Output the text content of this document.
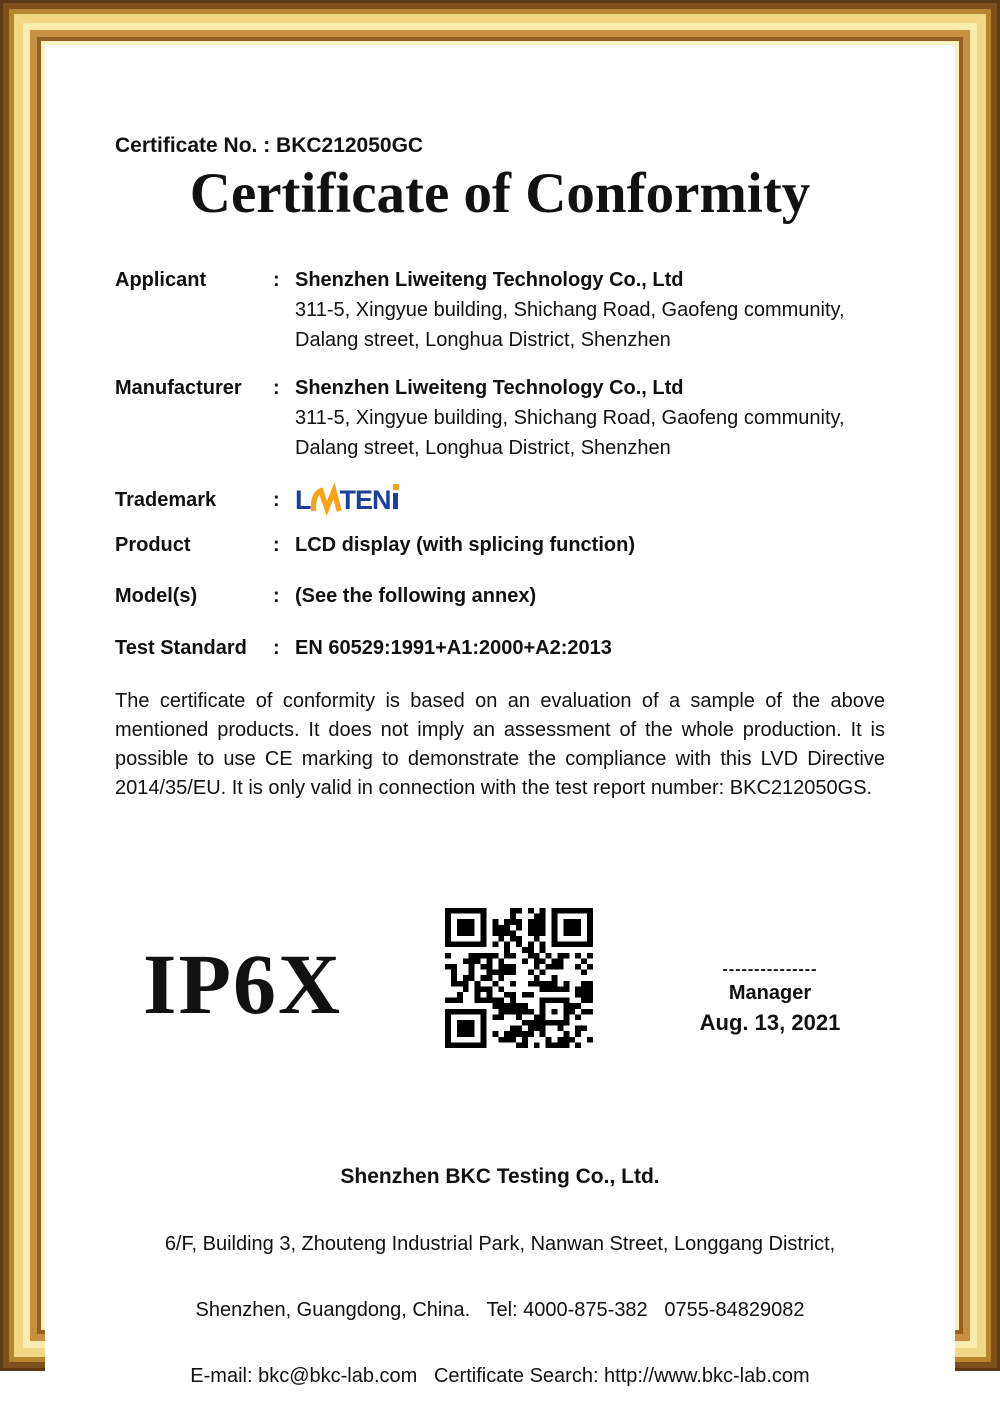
Certificate No. : BKC212050GC
Certificate of Conformity
Applicant	: Shenzhen Liweiteng Technology Co., Ltd
311-5, Xingyue building, Shichang Road, Gaofeng community,
Dalang street, Longhua District, Shenzhen
Manufacturer	: Shenzhen Liweiteng Technology Co., Ltd
311-5, Xingyue building, Shichang Road, Gaofeng community,
Dalang street, Longhua District, Shenzhen
Trademark	: L TEN
Product	: LCD display (with splicing function)
Model(s)	: (See the following annex)
Test Standard	: EN 60529:1991+A1:2000+A2:2013
The certificate of conformity is based on an evaluation of a sample of the above mentioned products. It does not imply an assessment of the whole production. It is possible to use CE marking to demonstrate the compliance with this LVD Directive 2014/35/EU. It is only valid in connection with the test report number: BKC212050GS.
IP6X	---------------
Manager
Aug. 13, 2021

Shenzhen BKC Testing Co., Ltd.

6/F, Building 3, Zhouteng Industrial Park, Nanwan Street, Longgang District,

Shenzhen, Guangdong, China.   Tel: 4000-875-382   0755-84829082

E-mail: bkc@bkc-lab.com   Certificate Search: http://www.bkc-lab.com
